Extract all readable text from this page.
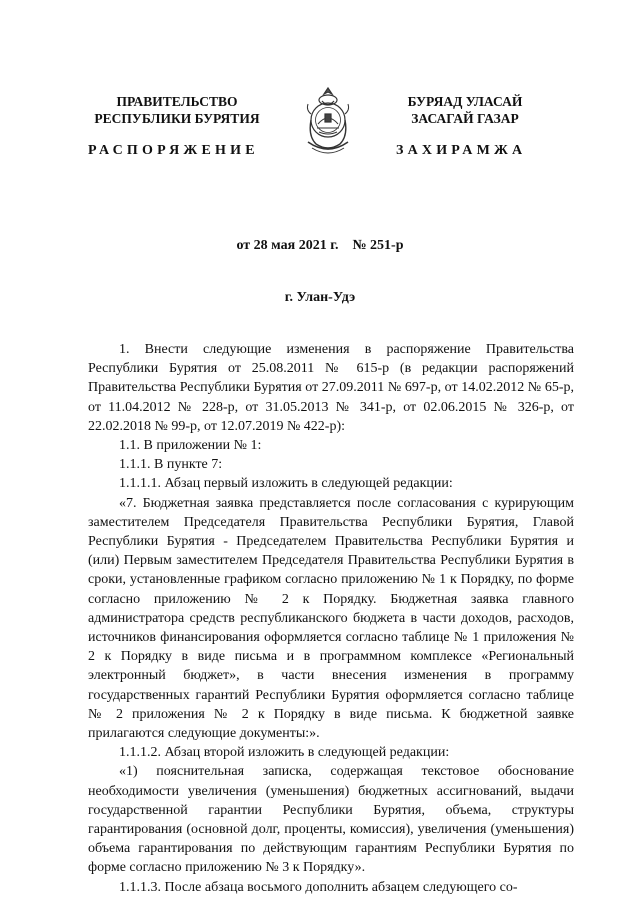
ПРАВИТЕЛЬСТВО
РЕСПУБЛИКИ БУРЯТИЯ
БУРЯАД УЛАСАЙ
ЗАСАГАЙ ГАЗАР
РАСПОРЯЖЕНИЕ	ЗАХИРАМЖА
от 28 мая 2021 г.    № 251-р
г. Улан-Удэ

1. Внести следующие изменения в распоряжение Правительства Республики Бурятия от 25.08.2011 № 615-р (в редакции распоряжений Правительства Республики Бурятия от 27.09.2011 № 697-р, от 14.02.2012 № 65-р, от 11.04.2012 № 228-р, от 31.05.2013 № 341-р, от 02.06.2015 № 326-р, от 22.02.2018 № 99-р, от 12.07.2019 № 422-р):

1.1. В приложении № 1:

1.1.1. В пункте 7:

1.1.1.1. Абзац первый изложить в следующей редакции:

«7. Бюджетная заявка представляется после согласования с курирующим заместителем Председателя Правительства Республики Бурятия, Главой Республики Бурятия - Председателем Правительства Республики Бурятия и (или) Первым заместителем Председателя Правительства Республики Бурятия в сроки, установленные графиком согласно приложению № 1 к Порядку, по форме согласно приложению № 2 к Порядку. Бюджетная заявка главного администратора средств республиканского бюджета в части доходов, расходов, источников финансирования оформляется согласно таблице № 1 приложения № 2 к Порядку в виде письма и в программном комплексе «Региональный электронный бюджет», в части внесения изменения в программу государственных гарантий Республики Бурятия оформляется согласно таблице № 2 приложения № 2 к Порядку в виде письма. К бюджетной заявке прилагаются следующие документы:».

1.1.1.2. Абзац второй изложить в следующей редакции:

«1) пояснительная записка, содержащая текстовое обоснование необходимости увеличения (уменьшения) бюджетных ассигнований, выдачи государственной гарантии Республики Бурятия, объема, структуры гарантирования (основной долг, проценты, комиссия), увеличения (уменьшения) объема гарантирования по действующим гарантиям Республики Бурятия по форме согласно приложению № 3 к Порядку».

1.1.1.3. После абзаца восьмого дополнить абзацем следующего со-
